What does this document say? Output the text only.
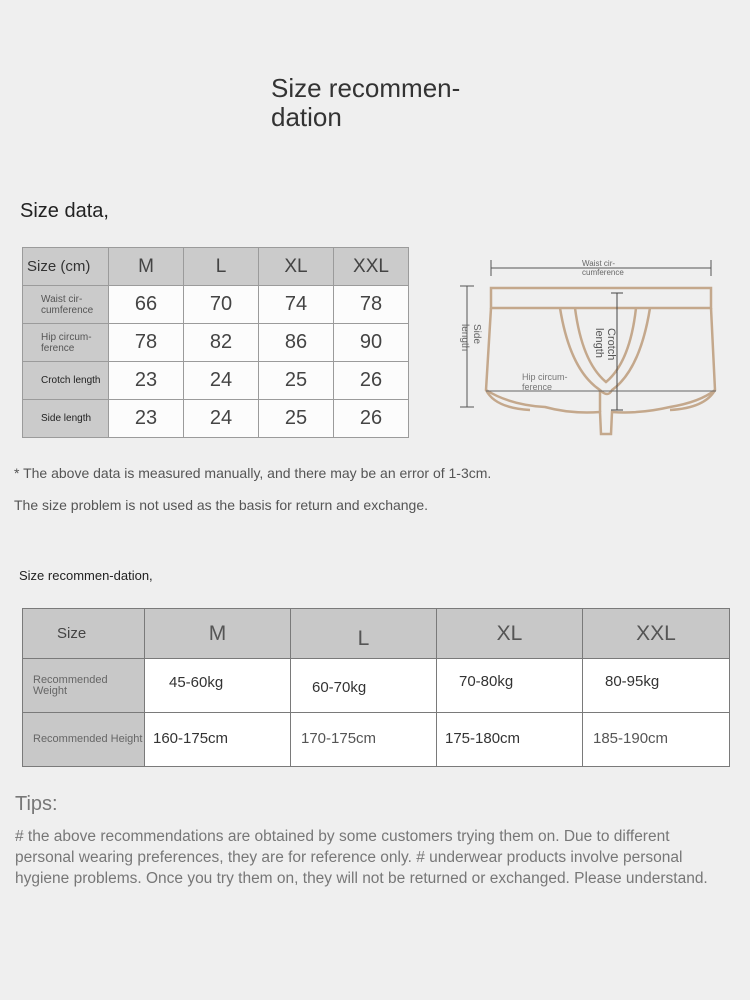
Size recommen-dation
Size data,
Size (cm)	M	L	XL	XXL
Waist cir-cumference	66	70	74	78
Hip circum-ference	78	82	86	90
Crotch length	23	24	25	26
Side length	23	24	25	26
Waist cir-
cumference
Side
length	Crotch
length
Hip circum-
ference

* The above data is measured manually, and there may be an error of 1-3cm.

The size problem is not used as the basis for return and exchange.

Size recommen-dation,
Size	M	L	XL	XXL
Recommended Weight	45-60kg	60-70kg	70-80kg	80-95kg
Recommended Height	160-175cm	170-175cm	175-180cm	185-190cm
Tips:

# the above recommendations are obtained by some customers trying them on. Due to different personal wearing preferences, they are for reference only. # underwear products involve personal hygiene problems. Once you try them on, they will not be returned or exchanged. Please understand.
